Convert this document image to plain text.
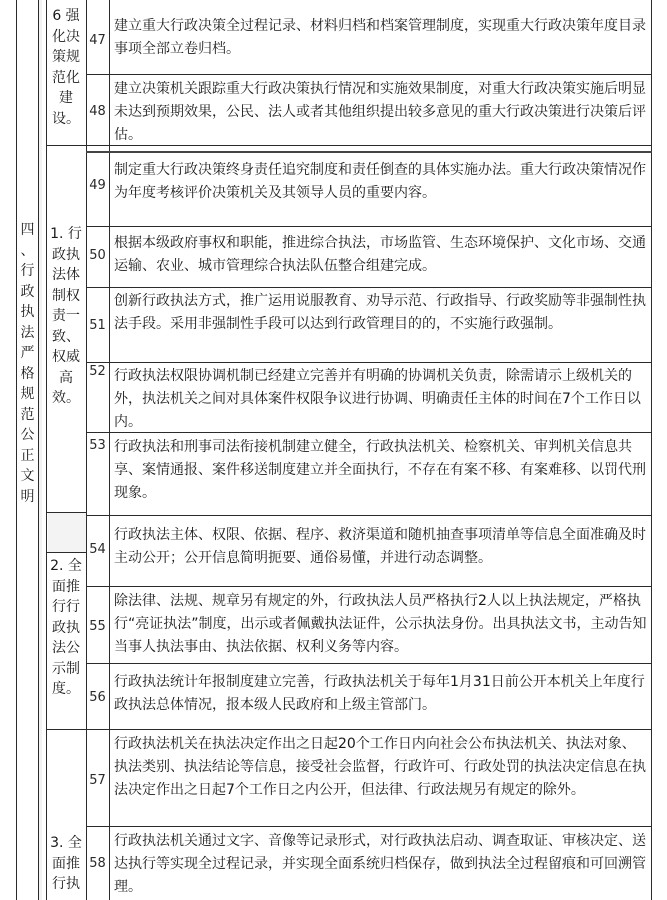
四
、
行
政
执
法
严
格
规
范
公
正
文
明
6 强化决策规范化建设。
1. 行政执法体制权责一致、权威高效。
2. 全面推行行政执法公示制度。
3. 全面推行执
47
48
49
50
51
52
53
54
55
56
57
58
建立重大行政决策全过程记录、材料归档和档案管理制度，实现重大行政决策年度目录事项全部立卷归档。
建立决策机关跟踪重大行政决策执行情况和实施效果制度，对重大行政决策实施后明显未达到预期效果，公民、法人或者其他组织提出较多意见的重大行政决策进行决策后评估。
制定重大行政决策终身责任追究制度和责任倒查的具体实施办法。重大行政决策情况作为年度考核评价决策机关及其领导人员的重要内容。
根据本级政府事权和职能，推进综合执法，市场监管、生态环境保护、文化市场、交通运输、农业、城市管理综合执法队伍整合组建完成。
创新行政执法方式，推广运用说服教育、劝导示范、行政指导、行政奖励等非强制性执法手段。采用非强制性手段可以达到行政管理目的的，不实施行政强制。
行政执法权限协调机制已经建立完善并有明确的协调机关负责，除需请示上级机关的外，执法机关之间对具体案件权限争议进行协调、明确责任主体的时间在7个工作日以内。
行政执法和刑事司法衔接机制建立健全，行政执法机关、检察机关、审判机关信息共享、案情通报、案件移送制度建立并全面执行，不存在有案不移、有案难移、以罚代刑现象。
行政执法主体、权限、依据、程序、救济渠道和随机抽查事项清单等信息全面准确及时主动公开；公开信息简明扼要、通俗易懂，并进行动态调整。
除法律、法规、规章另有规定的外，行政执法人员严格执行2人以上执法规定，严格执行“亮证执法”制度，出示或者佩戴执法证件，公示执法身份。出具执法文书，主动告知当事人执法事由、执法依据、权利义务等内容。
行政执法统计年报制度建立完善，行政执法机关于每年1月31日前公开本机关上年度行政执法总体情况，报本级人民政府和上级主管部门。
行政执法机关在执法决定作出之日起20个工作日内向社会公布执法机关、执法对象、执法类别、执法结论等信息，接受社会监督，行政许可、行政处罚的执法决定信息在执法决定作出之日起7个工作日之内公开，但法律、行政法规另有规定的除外。
行政执法机关通过文字、音像等记录形式，对行政执法启动、调查取证、审核决定、送达执行等实现全过程记录，并实现全面系统归档保存，做到执法全过程留痕和可回溯管理。
